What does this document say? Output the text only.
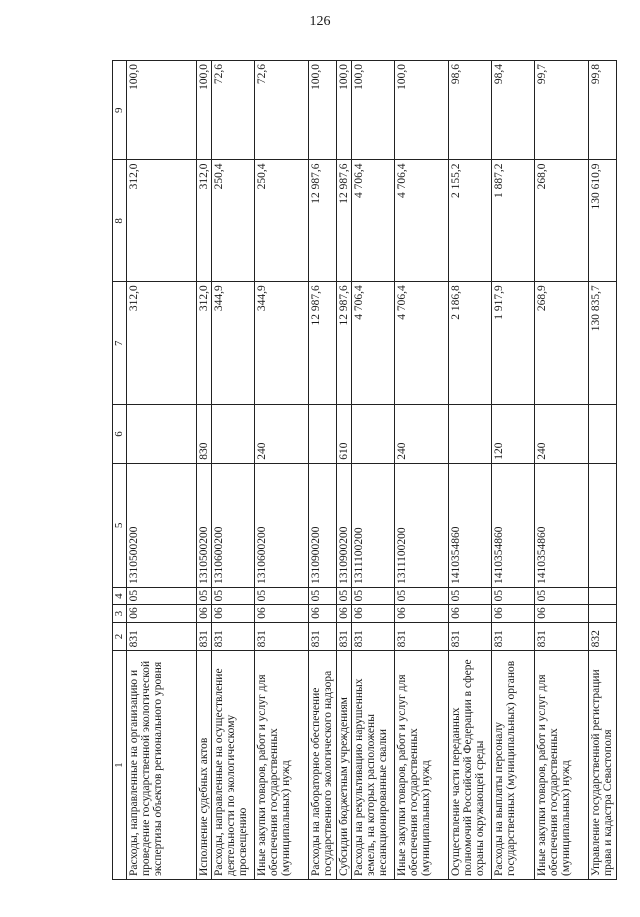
126
1	2	3	4	5	6	7	8	9
Расходы, направленные на организацию и проведение государственной экологической экспертизы объектов регионального уровня	831	06	05	1310500200		312,0	312,0	100,0
Исполнение судебных актов	831	06	05	1310500200	830	312,0	312,0	100,0
Расходы, направленные на осуществление деятельности по экологическому просвещению	831	06	05	1310600200		344,9	250,4	72,6
Иные закупки товаров, работ и услуг для обеспечения государственных (муниципальных) нужд	831	06	05	1310600200	240	344,9	250,4	72,6
Расходы на лабораторное обеспечение государственного экологического надзора	831	06	05	1310900200		12 987,6	12 987,6	100,0
Субсидии бюджетным учреждениям	831	06	05	1310900200	610	12 987,6	12 987,6	100,0
Расходы на рекультивацию нарушенных земель, на которых расположены несанкционированные свалки	831	06	05	1311100200		4 706,4	4 706,4	100,0
Иные закупки товаров, работ и услуг для обеспечения государственных (муниципальных) нужд	831	06	05	1311100200	240	4 706,4	4 706,4	100,0
Осуществление части переданных полномочий Российской Федерации в сфере охраны окружающей среды	831	06	05	1410354860		2 186,8	2 155,2	98,6
Расходы на выплаты персоналу государственных (муниципальных) органов	831	06	05	1410354860	120	1 917,9	1 887,2	98,4
Иные закупки товаров, работ и услуг для обеспечения государственных (муниципальных) нужд	831	06	05	1410354860	240	268,9	268,0	99,7
Управление государственной регистрации права и кадастра Севастополя	832					130 835,7	130 610,9	99,8
